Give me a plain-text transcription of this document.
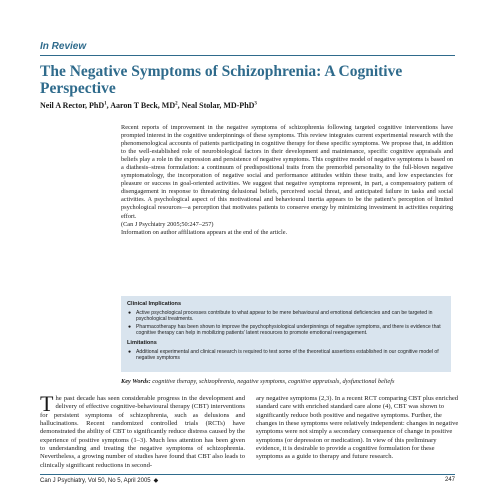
In Review
The Negative Symptoms of Schizophrenia: A Cognitive Perspective
Neil A Rector, PhD$^1$, Aaron T Beck, $MD^2$, Neal Stolar, MD-PhD$^3$

Recent reports of improvement in the negative symptoms of schizophrenia following targeted cognitive interventions have prompted interest in the cognitive underpinnings of these symptoms. This review integrates current experimental research with the phenomenological accounts of patients participating in cognitive therapy for these specific symptoms. We propose that, in addition to the well-established role of neurobiological factors in their development and maintenance, specific cognitive appraisals and beliefs play a role in the expression and persistence of negative symptoms. This cognitive model of negative symptoms is based on a diathesis–stress formulation: a continuum of predispositional traits from the premorbid personality to the full-blown negative symptomatology, the incorporation of negative social and performance attitudes within these traits, and low expectancies for pleasure or success in goal-oriented activities. We suggest that negative symptoms represent, in part, a compensatory pattern of disengagement in response to threatening delusional beliefs, perceived social threat, and anticipated failure in tasks and social activities. A psychological aspect of this motivational and behavioural inertia appears to be the patient’s perception of limited psychological resources—a perception that motivates patients to conserve energy by minimizing investment in activities requiring effort.

(Can J Psychiatry 2005;50:247–257)

Information on author affiliations appears at the end of the article.

Clinical Implications
● Active psychological processes contribute to what appear to be mere behavioural and emotional deficiencies and can be targeted in psychological treatments.
● Pharmacotherapy has been shown to improve the psychophysiological underpinnings of negative symptoms, and there is evidence that cognitive therapy can help in mobilizing patients’ latent resources to promote emotional reengagement.
Limitations
● Additional experimental and clinical research is required to test some of the theoretical assertions established in our cognitive model of negative symptoms

Key Words: cognitive therapy, schizophrenia, negative symptoms, cognitive appraisals, dysfunctional beliefs

The past decade has seen considerable progress in the development and delivery of effective cognitive-behavioural therapy (CBT) interventions for persistent symptoms of schizophrenia, such as delusions and hallucinations. Recent randomized controlled trials (RCTs) have demonstrated the ability of CBT to significantly reduce distress caused by the experience of positive symptoms (1–3). Much less attention has been given to understanding and treating the negative symptoms of schizophrenia. Nevertheless, a growing number of studies have found that CBT also leads to clinically significant reductions in second-
ary negative symptoms (2,3). In a recent RCT comparing CBT plus enriched standard care with enriched standard care alone (4), CBT was shown to significantly reduce both positive and negative symptoms. Further, the changes in these symptoms were relatively independent: changes in negative symptoms were not simply a secondary consequence of change in positive symptoms (or depression or medication). In view of this preliminary evidence, it is desirable to provide a cognitive formulation for these symptoms as a guide to therapy and future research.
Can J Psychiatry, Vol 50, No 5, April 2005 ◆	247
